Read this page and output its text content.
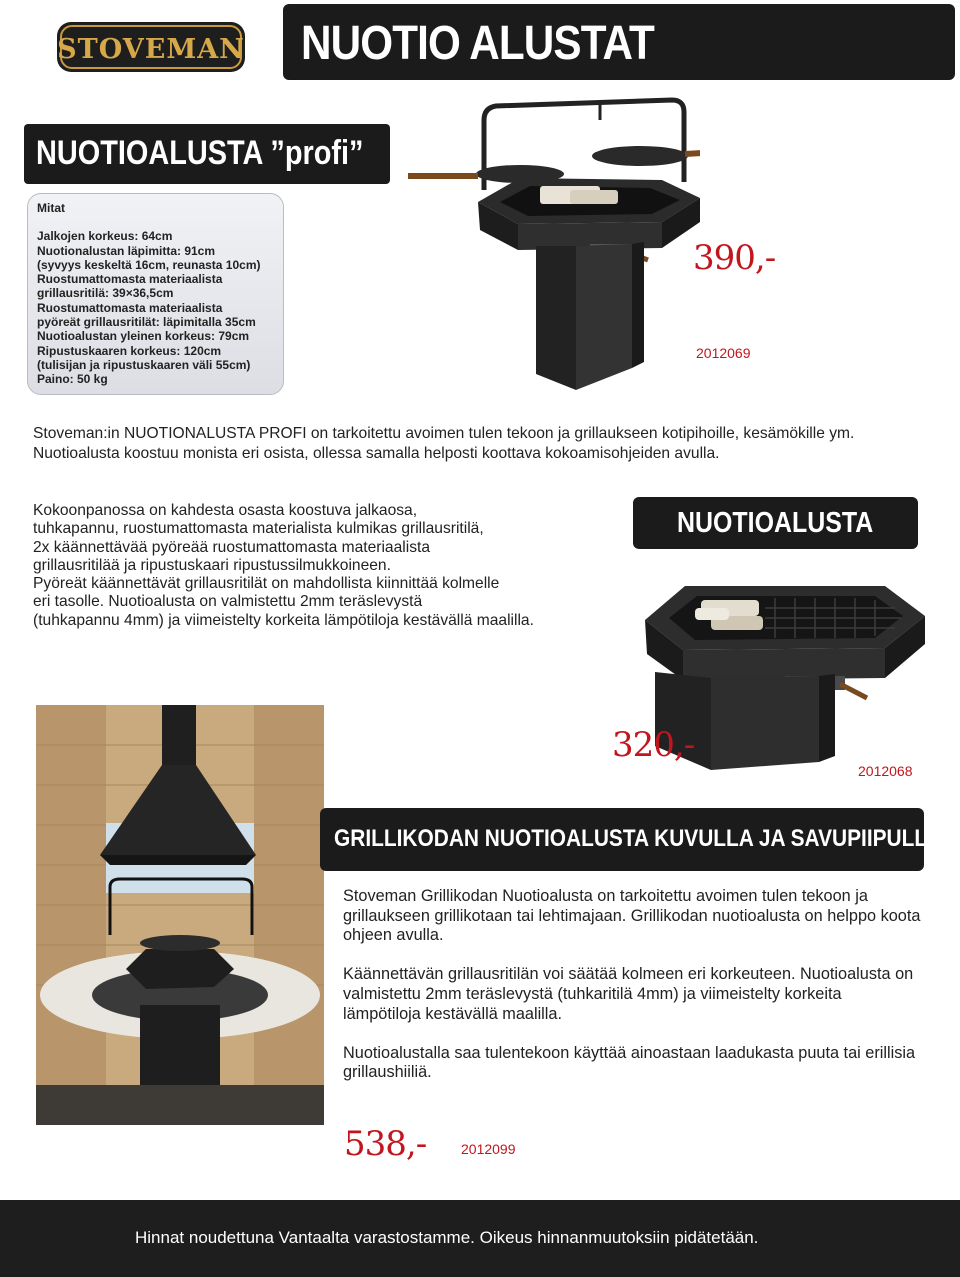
STOVEMAN NUOTIO ALUSTAT
NUOTIOALUSTA ”profi”
Mitat
Jalkojen korkeus: 64cm
Nuotionalustan läpimitta: 91cm
(syvyys keskeltä 16cm, reunasta 10cm)
Ruostumattomasta materiaalista
grillausritilä: 39×36,5cm
Ruostumattomasta materiaalista
pyöreät grillausritilät: läpimitalla 35cm
Nuotioalustan yleinen korkeus: 79cm
Ripustuskaaren korkeus: 120cm
(tulisijan ja ripustuskaaren väli 55cm)
Paino: 50 kg
390,-
2012069
Stoveman:in NUOTIONALUSTA PROFI on tarkoitettu avoimen tulen tekoon ja grillaukseen kotipihoille, kesämökille ym. Nuotioalusta koostuu monista eri osista, ollessa samalla helposti koottava kokoamisohjeiden avulla.
Kokoonpanossa on kahdesta osasta koostuva jalkaosa,
tuhkapannu, ruostumattomasta materialista kulmikas grillausritilä,
2x käännettävää pyöreää ruostumattomasta materiaalista
grillausritilää ja ripustuskaari ripustussilmukkoineen.
Pyöreät käännettävät grillausritilät on mahdollista kiinnittää kolmelle
eri tasolle. Nuotioalusta on valmistettu 2mm teräslevystä
(tuhkapannu 4mm) ja viimeistelty korkeita lämpötiloja kestävällä maalilla.
NUOTIOALUSTA
320,-
2012068
GRILLIKODAN NUOTIOALUSTA KUVULLA JA SAVUPIIPULLA

Stoveman Grillikodan Nuotioalusta on tarkoitettu avoimen tulen tekoon ja grillaukseen grillikotaan tai lehtimajaan. Grillikodan nuotioalusta on helppo koota ohjeen avulla.

Käännettävän grillausritilän voi säätää kolmeen eri korkeuteen. Nuotioalusta on valmistettu 2mm teräslevystä (tuhkaritilä 4mm) ja viimeistelty korkeita lämpötiloja kestävällä maalilla.

Nuotioalustalla saa tulentekoon käyttää ainoastaan laadukasta puuta tai erillisia grillaushiiliä.

538,- 2012099
Hinnat noudettuna Vantaalta varastostamme. Oikeus hinnanmuutoksiin pidätetään.
